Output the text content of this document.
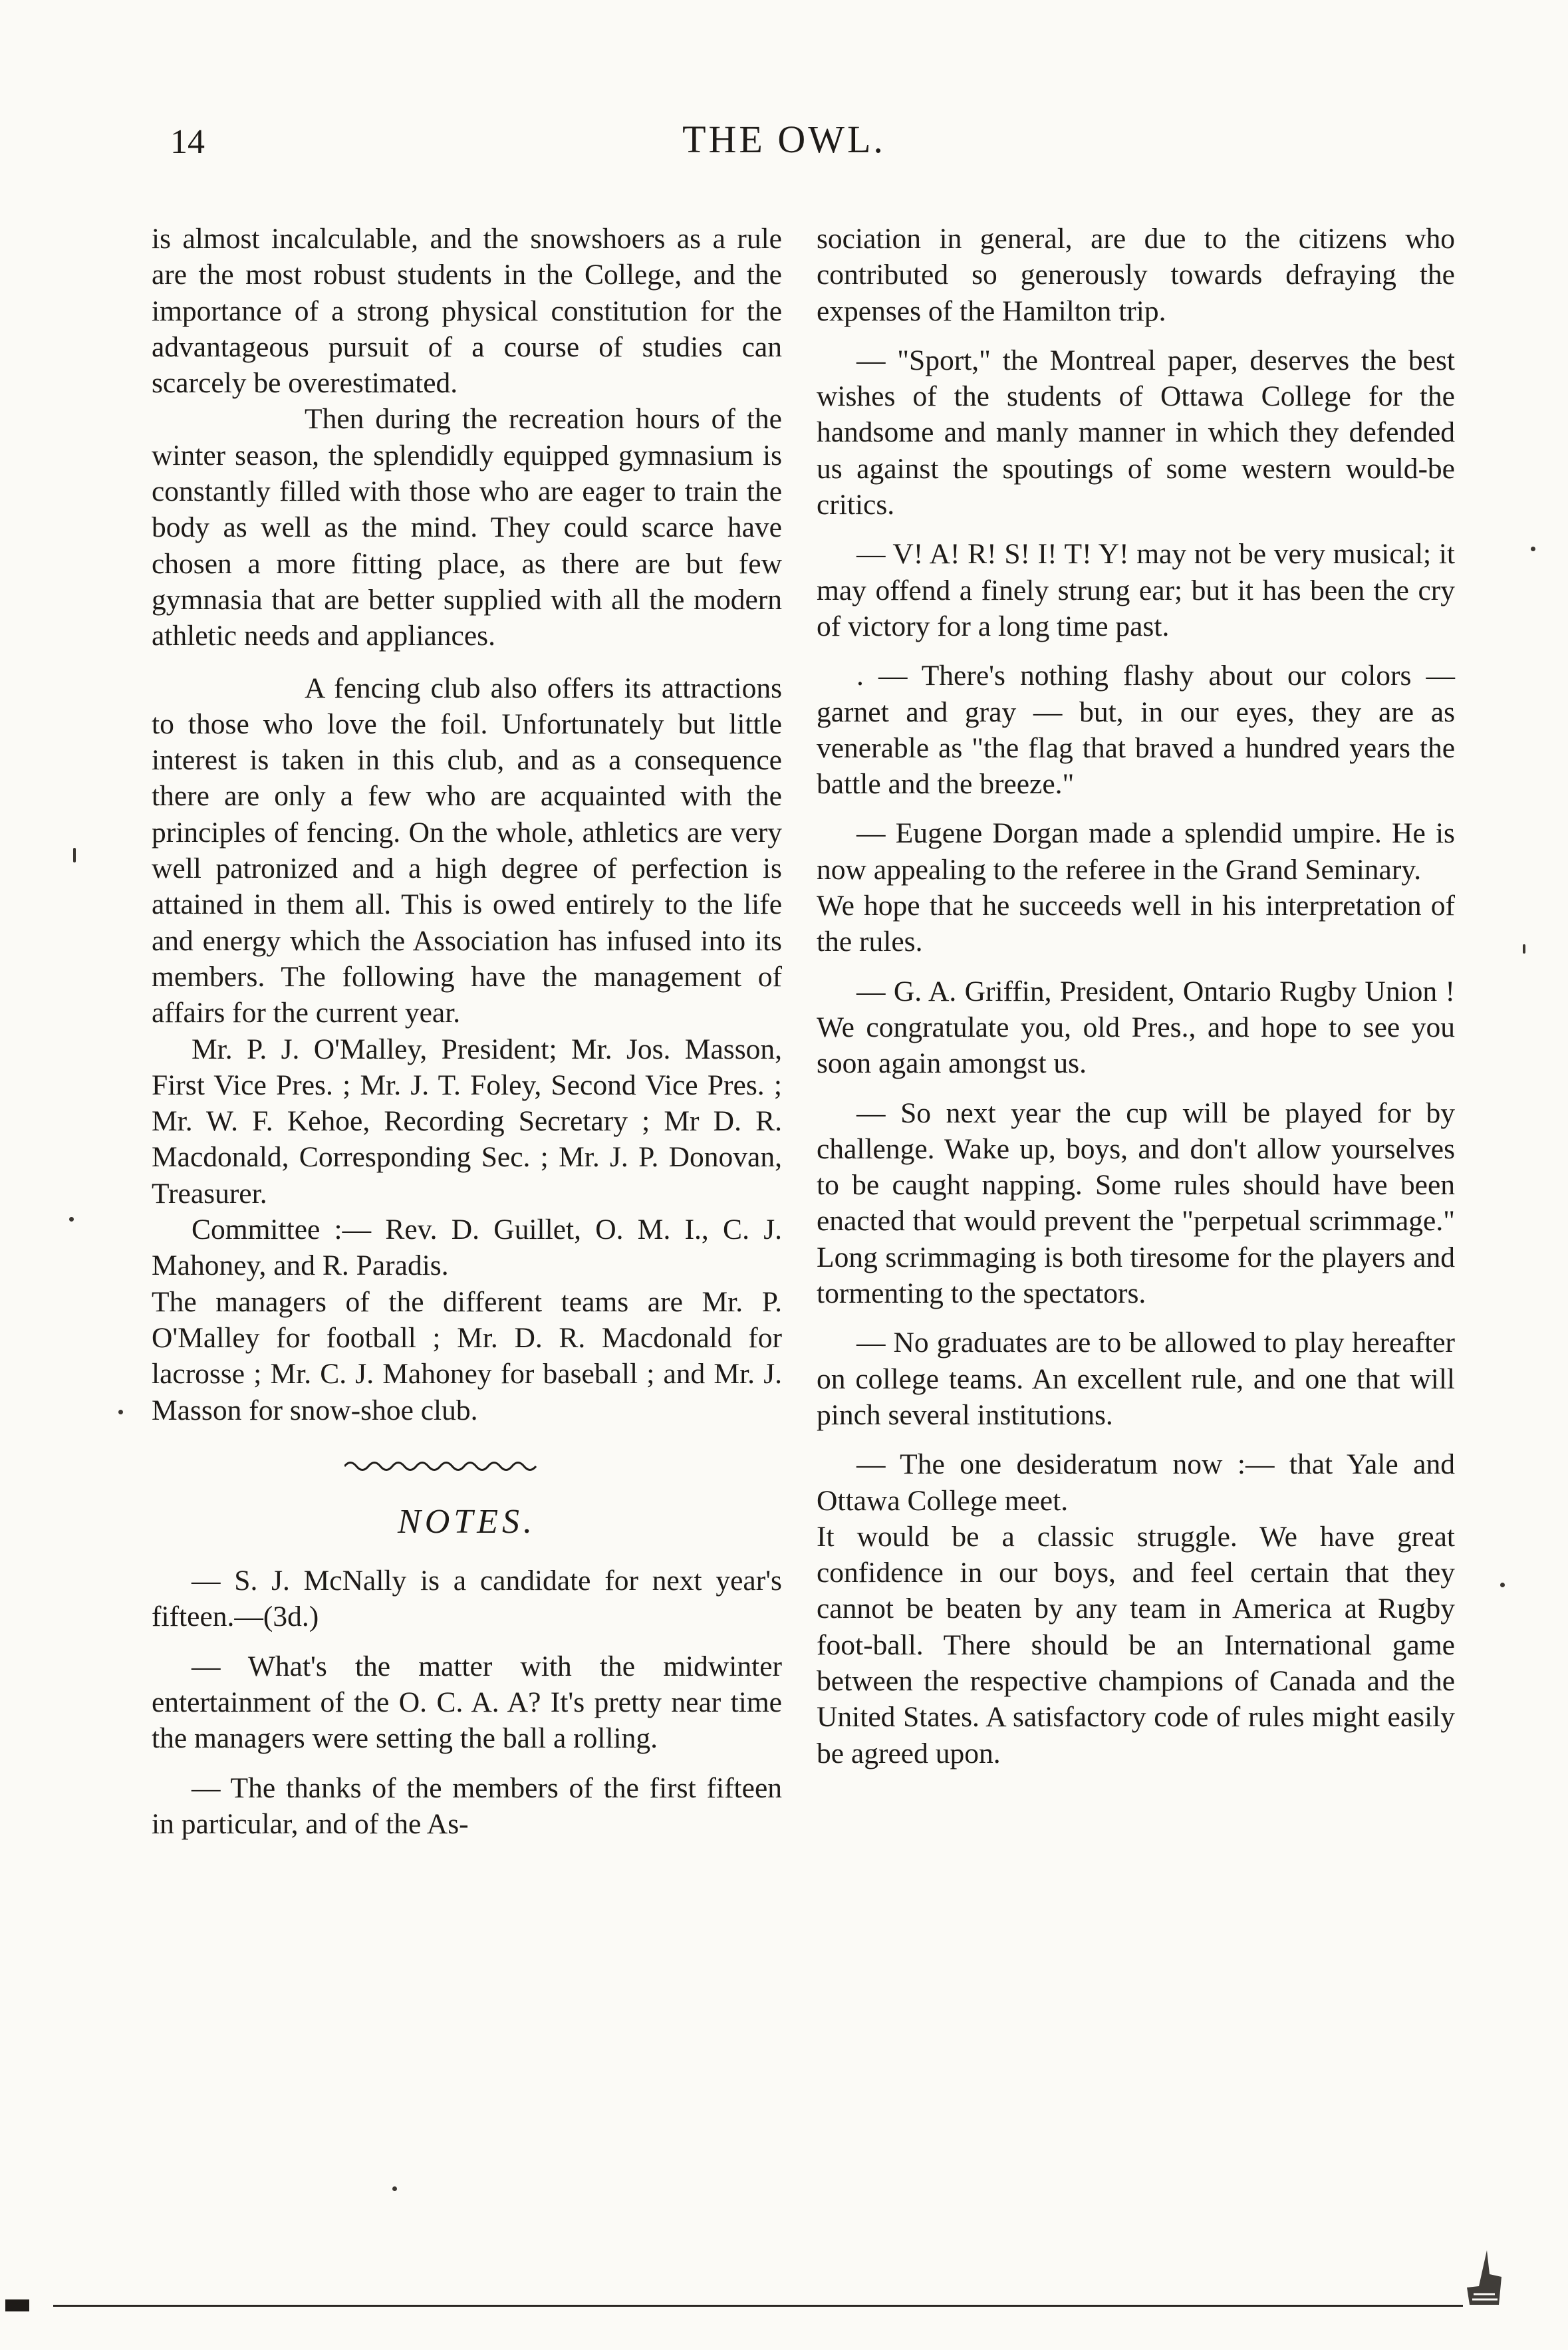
14	THE OWL.

is almost incalculable, and the snowshoers as a rule are the most robust students in the College, and the importance of a strong physical constitution for the advantageous pursuit of a course of studies can scarcely be overestimated.

Then during the recreation hours of the winter season, the splendidly equipped gymnasium is constantly filled with those who are eager to train the body as well as the mind. They could scarce have chosen a more fitting place, as there are but few gymnasia that are better supplied with all the modern athletic needs and appliances.

A fencing club also offers its attractions to those who love the foil. Unfortunately but little interest is taken in this club, and as a consequence there are only a few who are acquainted with the principles of fencing. On the whole, athletics are very well patronized and a high degree of perfection is attained in them all. This is owed entirely to the life and energy which the Association has infused into its members. The following have the management of affairs for the current year.

Mr. P. J. O'Malley, President; Mr. Jos. Masson, First Vice Pres. ; Mr. J. T. Foley, Second Vice Pres. ; Mr. W. F. Kehoe, Recording Secretary ; Mr D. R. Macdonald, Corresponding Sec. ; Mr. J. P. Donovan, Treasurer.

Committee :— Rev. D. Guillet, O. M. I., C. J. Mahoney, and R. Paradis.

The managers of the different teams are Mr. P. O'Malley for football ; Mr. D. R. Macdonald for lacrosse ; Mr. C. J. Mahoney for baseball ; and Mr. J. Masson for snow-shoe club.

NOTES.

— S. J. McNally is a candidate for next year's fifteen.—(3d.)

— What's the matter with the midwinter entertainment of the O. C. A. A? It's pretty near time the managers were setting the ball a rolling.

— The thanks of the members of the first fifteen in particular, and of the As-

sociation in general, are due to the citizens who contributed so generously towards defraying the expenses of the Hamilton trip.

— "Sport," the Montreal paper, deserves the best wishes of the students of Ottawa College for the handsome and manly manner in which they defended us against the spoutings of some western would-be critics.

— V! A! R! S! I! T! Y! may not be very musical; it may offend a finely strung ear; but it has been the cry of victory for a long time past.

. — There's nothing flashy about our colors — garnet and gray — but, in our eyes, they are as venerable as "the flag that braved a hundred years the battle and the breeze."

— Eugene Dorgan made a splendid umpire. He is now appealing to the referee in the Grand Seminary.

We hope that he succeeds well in his interpretation of the rules.

— G. A. Griffin, President, Ontario Rugby Union ! We congratulate you, old Pres., and hope to see you soon again amongst us.

— So next year the cup will be played for by challenge. Wake up, boys, and don't allow yourselves to be caught napping. Some rules should have been enacted that would prevent the "perpetual scrimmage." Long scrimmaging is both tiresome for the players and tormenting to the spectators.

— No graduates are to be allowed to play hereafter on college teams. An excellent rule, and one that will pinch several institutions.

— The one desideratum now :— that Yale and Ottawa College meet.

It would be a classic struggle. We have great confidence in our boys, and feel certain that they cannot be beaten by any team in America at Rugby foot-ball. There should be an International game between the respective champions of Canada and the United States. A satisfactory code of rules might easily be agreed upon.
